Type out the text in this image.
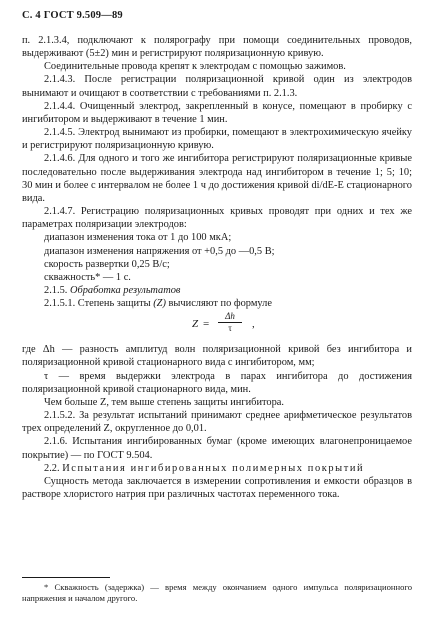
С. 4 ГОСТ 9.509—89

п. 2.1.3.4, подключают к полярографу при помощи соединительных проводов, выдерживают (5±2) мин и регистрируют поляризационную кривую.

Соединительные провода крепят к электродам с помощью зажимов.

2.1.4.3. После регистрации поляризационной кривой один из электродов вынимают и очищают в соответствии с требованиями п. 2.1.3.

2.1.4.4. Очищенный электрод, закрепленный в конусе, помещают в пробирку с ингибитором и выдерживают в течение 1 мин.

2.1.4.5. Электрод вынимают из пробирки, помещают в электрохимическую ячейку и регистрируют поляризационную кривую.

2.1.4.6. Для одного и того же ингибитора регистрируют поляризационные кривые последовательно после выдерживания электрода над ингибитором в течение 1; 5; 10; 30 мин и более с интервалом не более 1 ч до достижения кривой di/dE-E стационарного вида.

2.1.4.7. Регистрацию поляризационных кривых проводят при одних и тех же параметрах поляризации электродов:

диапазон изменения тока от 1 до 100 мкА;

диапазон изменения напряжения от +0,5 до —0,5 В;

скорость развертки 0,25 В/с;

скважность* — 1 с.

2.1.5. Обработка результатов

2.1.5.1. Степень защиты (Z) вычисляют по формуле

Z =
Δh
τ	,

где Δh — разность амплитуд волн поляризационной кривой без ингибитора и поляризационной кривой стационарного вида с ингибитором, мм;

τ — время выдержки электрода в парах ингибитора до достижения поляризационной кривой стационарного вида, мин.

Чем больше Z, тем выше степень защиты ингибитора.

2.1.5.2. За результат испытаний принимают среднее арифметическое результатов трех определений Z, округленное до 0,01.

2.1.6. Испытания ингибированных бумаг (кроме имеющих влагонепроницаемое покрытие) — по ГОСТ 9.504.

2.2. Испытания ингибированных полимерных покрытий

Сущность метода заключается в измерении сопротивления и емкости образцов в растворе хлористого натрия при различных частотах переменного тока.

* Скважность (задержка) — время между окончанием одного импульса поляризационного напряжения и началом другого.
